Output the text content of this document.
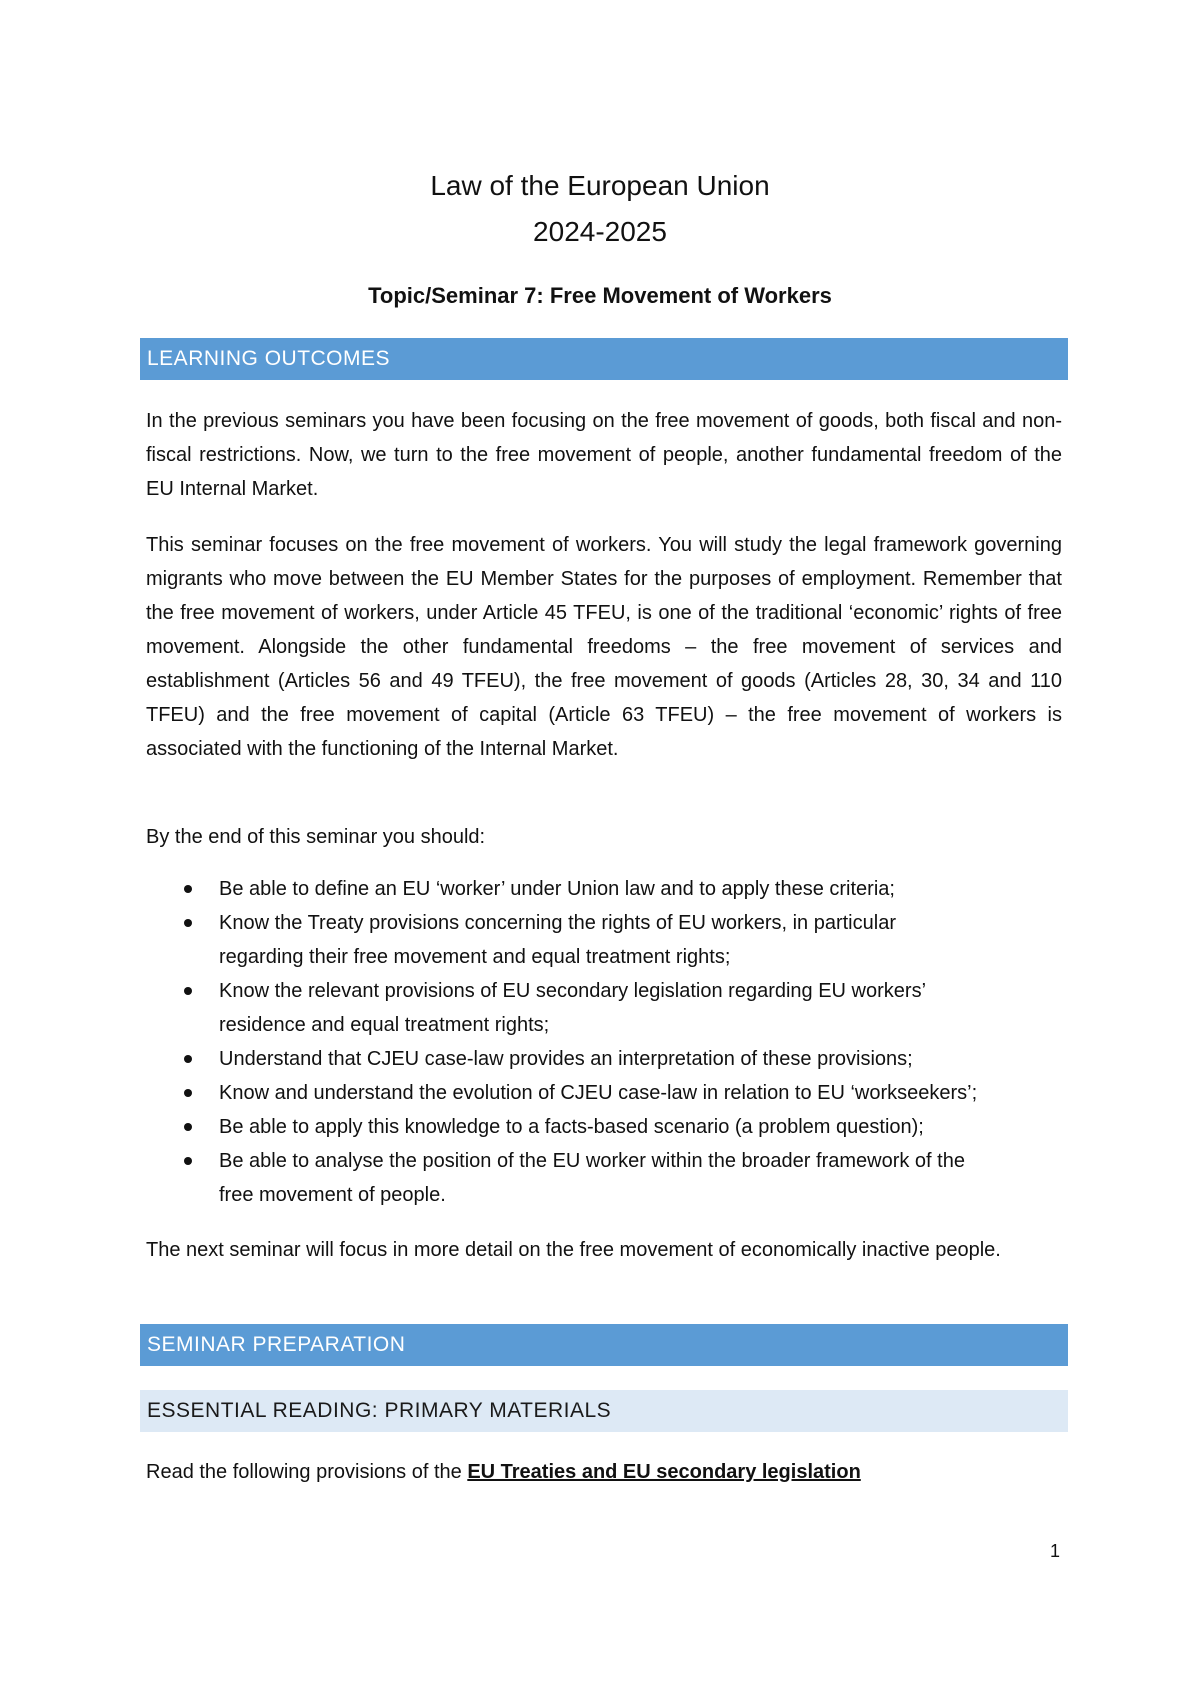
Law of the European Union
2024-2025
Topic/Seminar 7: Free Movement of Workers
LEARNING OUTCOMES

In the previous seminars you have been focusing on the free movement of goods, both fiscal and non-fiscal restrictions. Now, we turn to the free movement of people, another fundamental freedom of the EU Internal Market.

This seminar focuses on the free movement of workers. You will study the legal framework governing migrants who move between the EU Member States for the purposes of employment. Remember that the free movement of workers, under Article 45 TFEU, is one of the traditional ‘economic’ rights of free movement. Alongside the other fundamental freedoms – the free movement of services and establishment (Articles 56 and 49 TFEU), the free movement of goods (Articles 28, 30, 34 and 110 TFEU) and the free movement of capital (Article 63 TFEU) – the free movement of workers is associated with the functioning of the Internal Market.

By the end of this seminar you should:

Be able to define an EU ‘worker’ under Union law and to apply these criteria;
Know the Treaty provisions concerning the rights of EU workers, in particular regarding their free movement and equal treatment rights;
Know the relevant provisions of EU secondary legislation regarding EU workers’ residence and equal treatment rights;
Understand that CJEU case-law provides an interpretation of these provisions;
Know and understand the evolution of CJEU case-law in relation to EU ‘workseekers’;
Be able to apply this knowledge to a facts-based scenario (a problem question);
Be able to analyse the position of the EU worker within the broader framework of the free movement of people.

The next seminar will focus in more detail on the free movement of economically inactive people.

SEMINAR PREPARATION
ESSENTIAL READING: PRIMARY MATERIALS

Read the following provisions of the EU Treaties and EU secondary legislation

1
